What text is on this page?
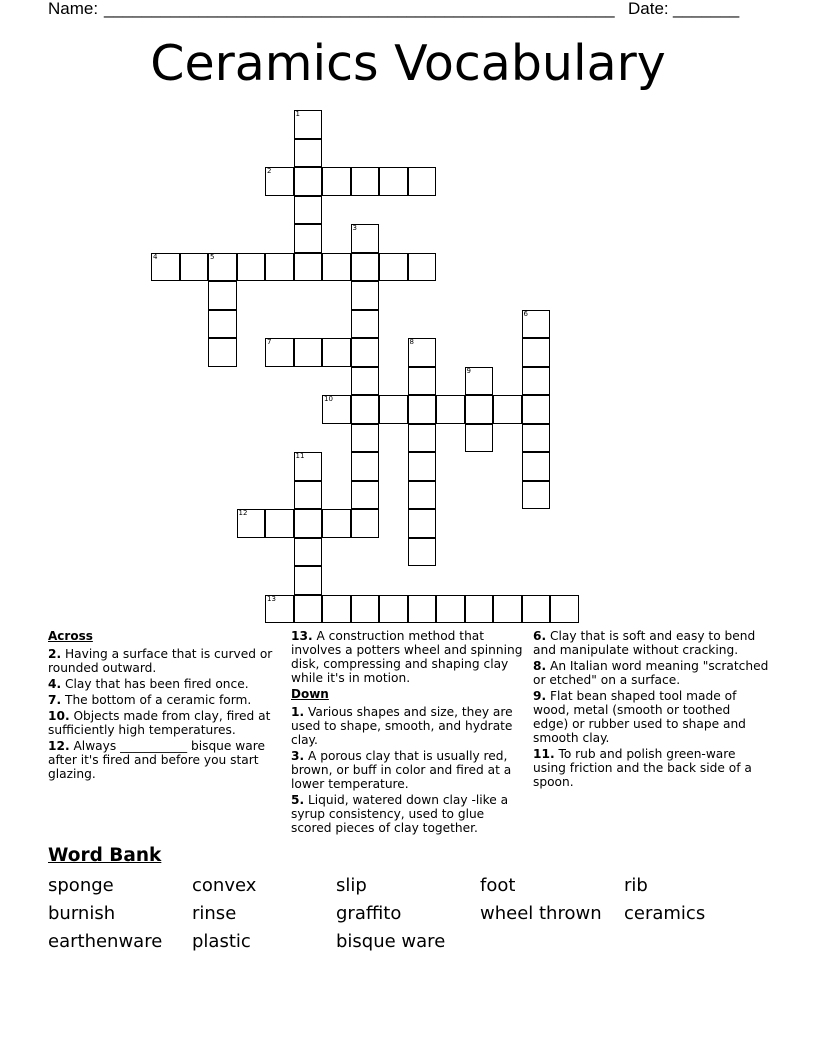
Name: ______________________________________________________ Date: _______
Ceramics Vocabulary
1
2
3
4	5
6
7	8
9
10
11
12
13
Across
2. Having a surface that is curved or rounded outward.
4. Clay that has been fired once.
7. The bottom of a ceramic form.
10. Objects made from clay, fired at sufficiently high temperatures.
12. Always ___________ bisque ware after it's fired and before you start glazing.
13. A construction method that involves a potters wheel and spinning disk, compressing and shaping clay while it's in motion.
Down
1. Various shapes and size, they are used to shape, smooth, and hydrate clay.
3. A porous clay that is usually red, brown, or buff in color and fired at a lower temperature.
5. Liquid, watered down clay -like a syrup consistency, used to glue scored pieces of clay together.
6. Clay that is soft and easy to bend and manipulate without cracking.
8. An Italian word meaning "scratched or etched" on a surface.
9. Flat bean shaped tool made of wood, metal (smooth or toothed edge) or rubber used to shape and smooth clay.
11. To rub and polish green-ware using friction and the back side of a spoon.
Word Bank
sponge	convex	slip	foot	rib
burnish	rinse	graffito	wheel thrown	ceramics
earthenware	plastic	bisque ware
